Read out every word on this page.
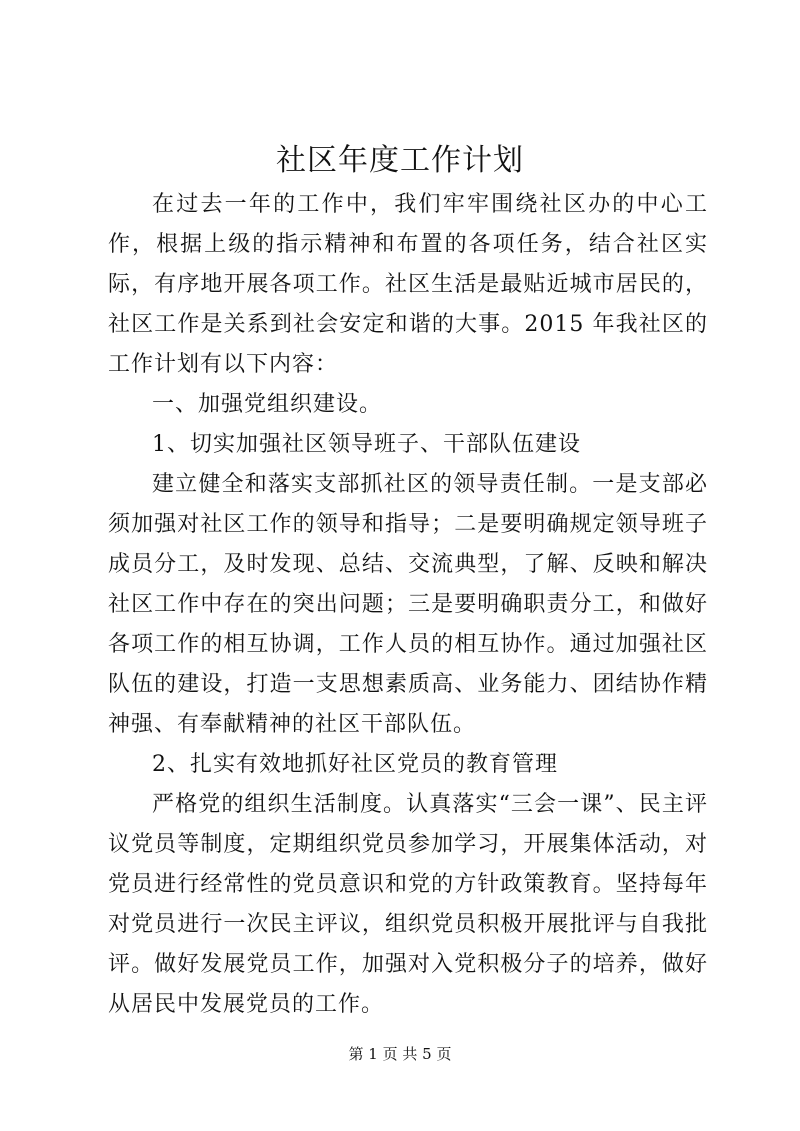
社区年度工作计划

在过去一年的工作中，我们牢牢围绕社区办的中心工作，根据上级的指示精神和布置的各项任务，结合社区实际，有序地开展各项工作。社区生活是最贴近城市居民的，社区工作是关系到社会安定和谐的大事。2015 年我社区的工作计划有以下内容：

一、加强党组织建设。

1、切实加强社区领导班子、干部队伍建设

建立健全和落实支部抓社区的领导责任制。一是支部必须加强对社区工作的领导和指导；二是要明确规定领导班子成员分工，及时发现、总结、交流典型，了解、反映和解决社区工作中存在的突出问题；三是要明确职责分工，和做好各项工作的相互协调，工作人员的相互协作。通过加强社区队伍的建设，打造一支思想素质高、业务能力、团结协作精神强、有奉献精神的社区干部队伍。

2、扎实有效地抓好社区党员的教育管理

严格党的组织生活制度。认真落实“三会一课”、民主评议党员等制度，定期组织党员参加学习，开展集体活动，对党员进行经常性的党员意识和党的方针政策教育。坚持每年对党员进行一次民主评议，组织党员积极开展批评与自我批评。做好发展党员工作，加强对入党积极分子的培养，做好从居民中发展党员的工作。

第 1 页 共 5 页
